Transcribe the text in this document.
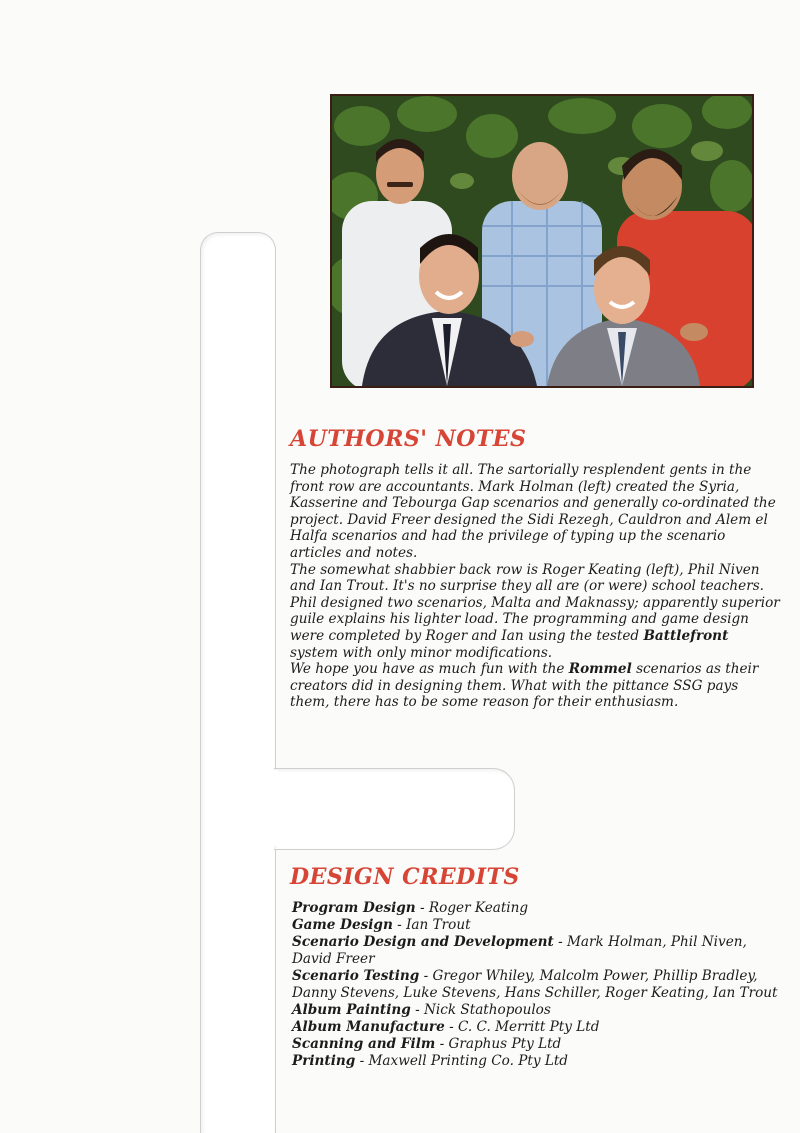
AUTHORS' NOTES

The photograph tells it all. The sartorially resplendent gents in the front row are accountants. Mark Holman (left) created the Syria, Kasserine and Tebourga Gap scenarios and generally co-ordinated the project. David Freer designed the Sidi Rezegh, Cauldron and Alem el Halfa scenarios and had the privilege of typing up the scenario articles and notes.

The somewhat shabbier back row is Roger Keating (left), Phil Niven and Ian Trout. It's no surprise they all are (or were) school teachers. Phil designed two scenarios, Malta and Maknassy; apparently superior guile explains his lighter load. The programming and game design were completed by Roger and Ian using the tested Battlefront system with only minor modifications.

We hope you have as much fun with the Rommel scenarios as their creators did in designing them. What with the pittance SSG pays them, there has to be some reason for their enthusiasm.

DESIGN CREDITS

Program Design - Roger Keating

Game Design - Ian Trout

Scenario Design and Development - Mark Holman, Phil Niven, David Freer

Scenario Testing - Gregor Whiley, Malcolm Power, Phillip Bradley, Danny Stevens, Luke Stevens, Hans Schiller, Roger Keating, Ian Trout

Album Painting - Nick Stathopoulos

Album Manufacture - C. C. Merritt Pty Ltd

Scanning and Film - Graphus Pty Ltd

Printing - Maxwell Printing Co. Pty Ltd
